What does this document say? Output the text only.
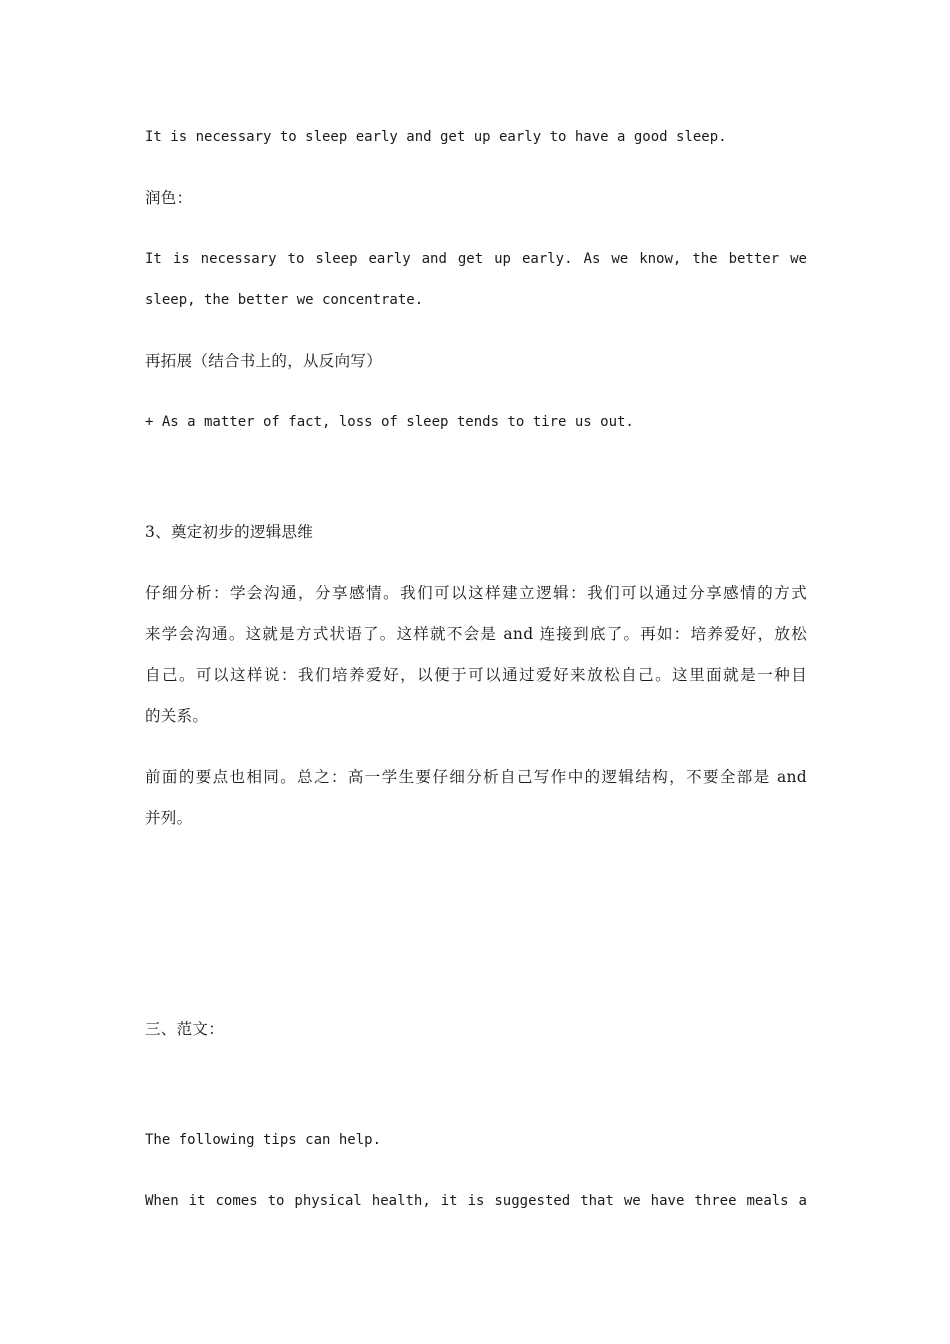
It is necessary to sleep early and get up early to have a good sleep.

润色：

It is necessary to sleep early and get up early. As we know, the better we

sleep, the better we concentrate.

再拓展（结合书上的，从反向写）

+ As a matter of fact, loss of sleep tends to tire us out.

3、奠定初步的逻辑思维

仔细分析：学会沟通，分享感情。我们可以这样建立逻辑：我们可以通过分享感情的方式

来学会沟通。这就是方式状语了。这样就不会是 and 连接到底了。再如：培养爱好，放松

自己。可以这样说：我们培养爱好，以便于可以通过爱好来放松自己。这里面就是一种目

的关系。

前面的要点也相同。总之：高一学生要仔细分析自己写作中的逻辑结构，不要全部是 and

并列。

三、范文：

The following tips can help.

When it comes to physical health, it is suggested that we have three meals a
